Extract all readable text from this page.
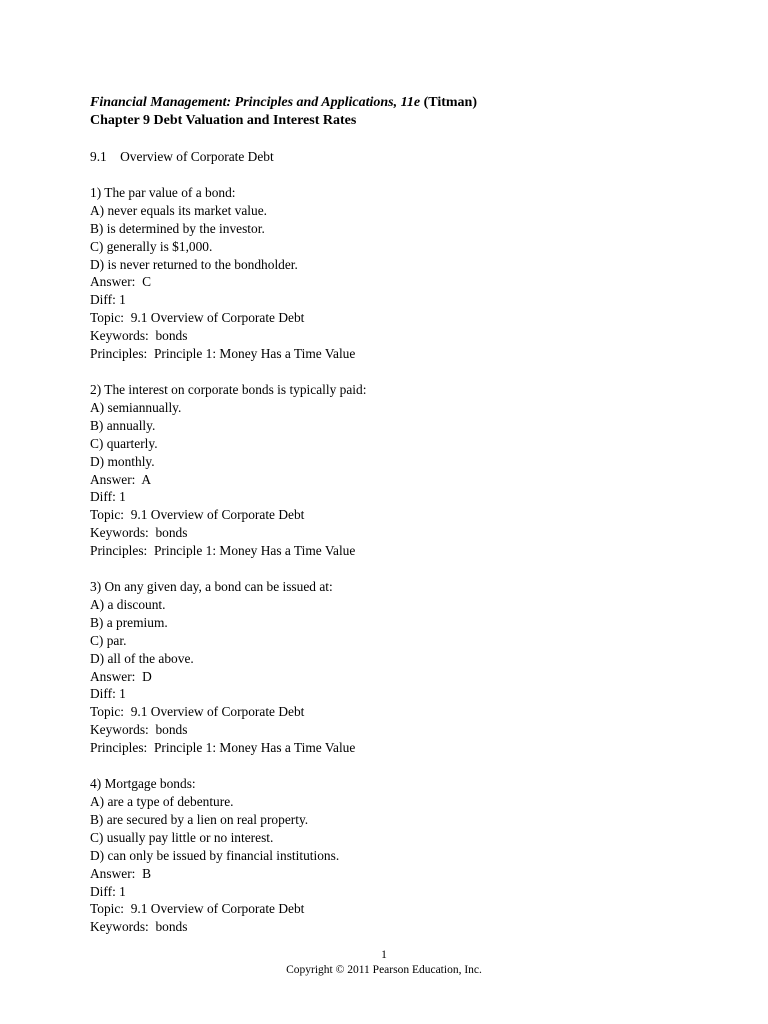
Financial Management: Principles and Applications, 11e (Titman)
Chapter 9 Debt Valuation and Interest Rates
9.1 Overview of Corporate Debt
1) The par value of a bond:
A) never equals its market value.
B) is determined by the investor.
C) generally is $1,000.
D) is never returned to the bondholder.
Answer:  C
Diff: 1
Topic:  9.1 Overview of Corporate Debt
Keywords:  bonds
Principles:  Principle 1: Money Has a Time Value
2) The interest on corporate bonds is typically paid:
A) semiannually.
B) annually.
C) quarterly.
D) monthly.
Answer:  A
Diff: 1
Topic:  9.1 Overview of Corporate Debt
Keywords:  bonds
Principles:  Principle 1: Money Has a Time Value
3) On any given day, a bond can be issued at:
A) a discount.
B) a premium.
C) par.
D) all of the above.
Answer:  D
Diff: 1
Topic:  9.1 Overview of Corporate Debt
Keywords:  bonds
Principles:  Principle 1: Money Has a Time Value
4) Mortgage bonds:
A) are a type of debenture.
B) are secured by a lien on real property.
C) usually pay little or no interest.
D) can only be issued by financial institutions.
Answer:  B
Diff: 1
Topic:  9.1 Overview of Corporate Debt
Keywords:  bonds
1
Copyright © 2011 Pearson Education, Inc.
